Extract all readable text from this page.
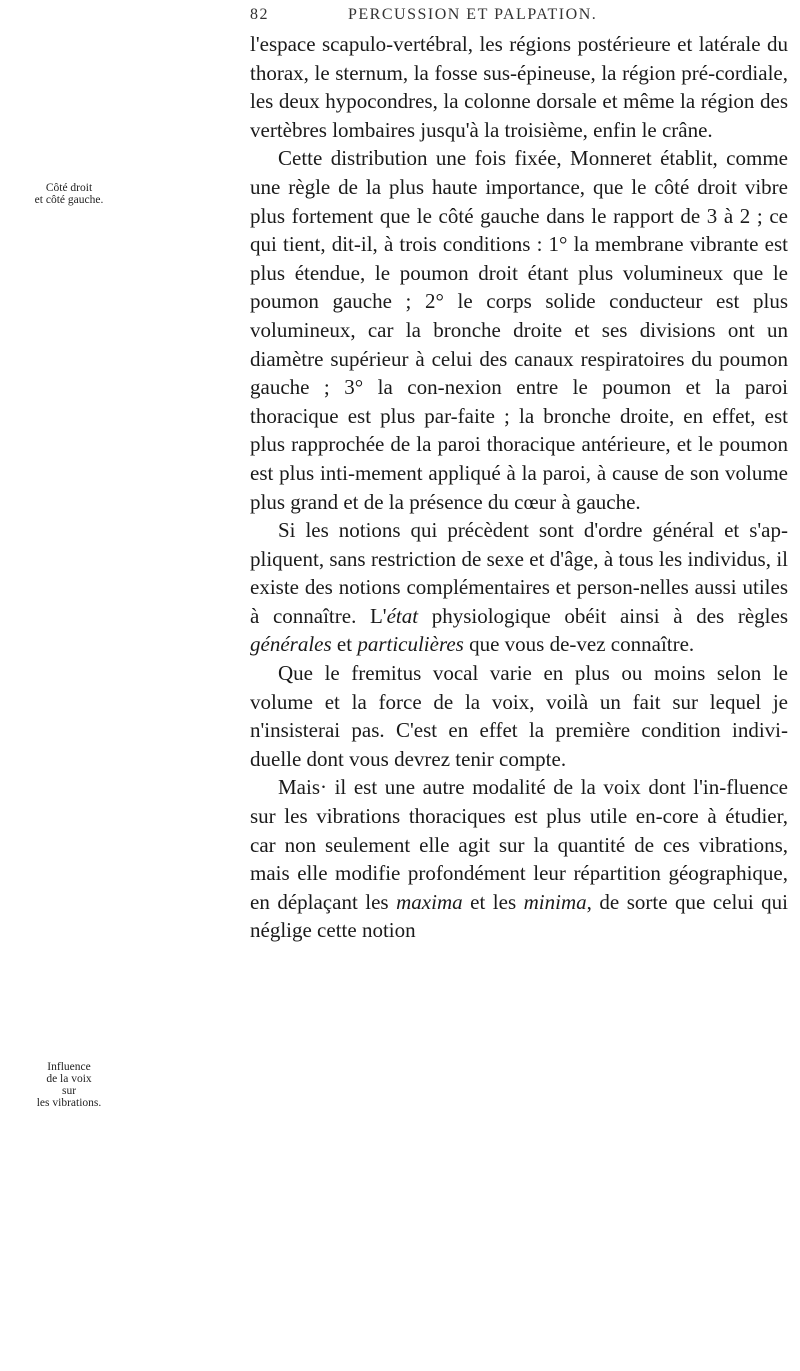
82	PERCUSSION ET PALPATION.
Côté droit
et côté gauche.
Influence
de la voix
sur
les vibrations.

l'espace scapulo-vertébral, les régions postérieure et latérale du thorax, le sternum, la fosse sus-épineuse, la région pré-cordiale, les deux hypocondres, la colonne dorsale et même la région des vertèbres lombaires jusqu'à la troisième, enfin le crâne.

Cette distribution une fois fixée, Monneret établit, comme une règle de la plus haute importance, que le côté droit vibre plus fortement que le côté gauche dans le rapport de 3 à 2 ; ce qui tient, dit-il, à trois conditions : 1° la membrane vibrante est plus étendue, le poumon droit étant plus volumineux que le poumon gauche ; 2° le corps solide conducteur est plus volumineux, car la bronche droite et ses divisions ont un diamètre supérieur à celui des canaux respiratoires du poumon gauche ; 3° la con-nexion entre le poumon et la paroi thoracique est plus par-faite ; la bronche droite, en effet, est plus rapprochée de la paroi thoracique antérieure, et le poumon est plus inti-mement appliqué à la paroi, à cause de son volume plus grand et de la présence du cœur à gauche.

Si les notions qui précèdent sont d'ordre général et s'ap-pliquent, sans restriction de sexe et d'âge, à tous les individus, il existe des notions complémentaires et person-nelles aussi utiles à connaître. L'état physiologique obéit ainsi à des règles générales et particulières que vous de-vez connaître.

Que le fremitus vocal varie en plus ou moins selon le volume et la force de la voix, voilà un fait sur lequel je n'insisterai pas. C'est en effet la première condition indivi-duelle dont vous devrez tenir compte.

Mais· il est une autre modalité de la voix dont l'in-fluence sur les vibrations thoraciques est plus utile en-core à étudier, car non seulement elle agit sur la quantité de ces vibrations, mais elle modifie profondément leur répartition géographique, en déplaçant les maxima et les minima, de sorte que celui qui néglige cette notion
